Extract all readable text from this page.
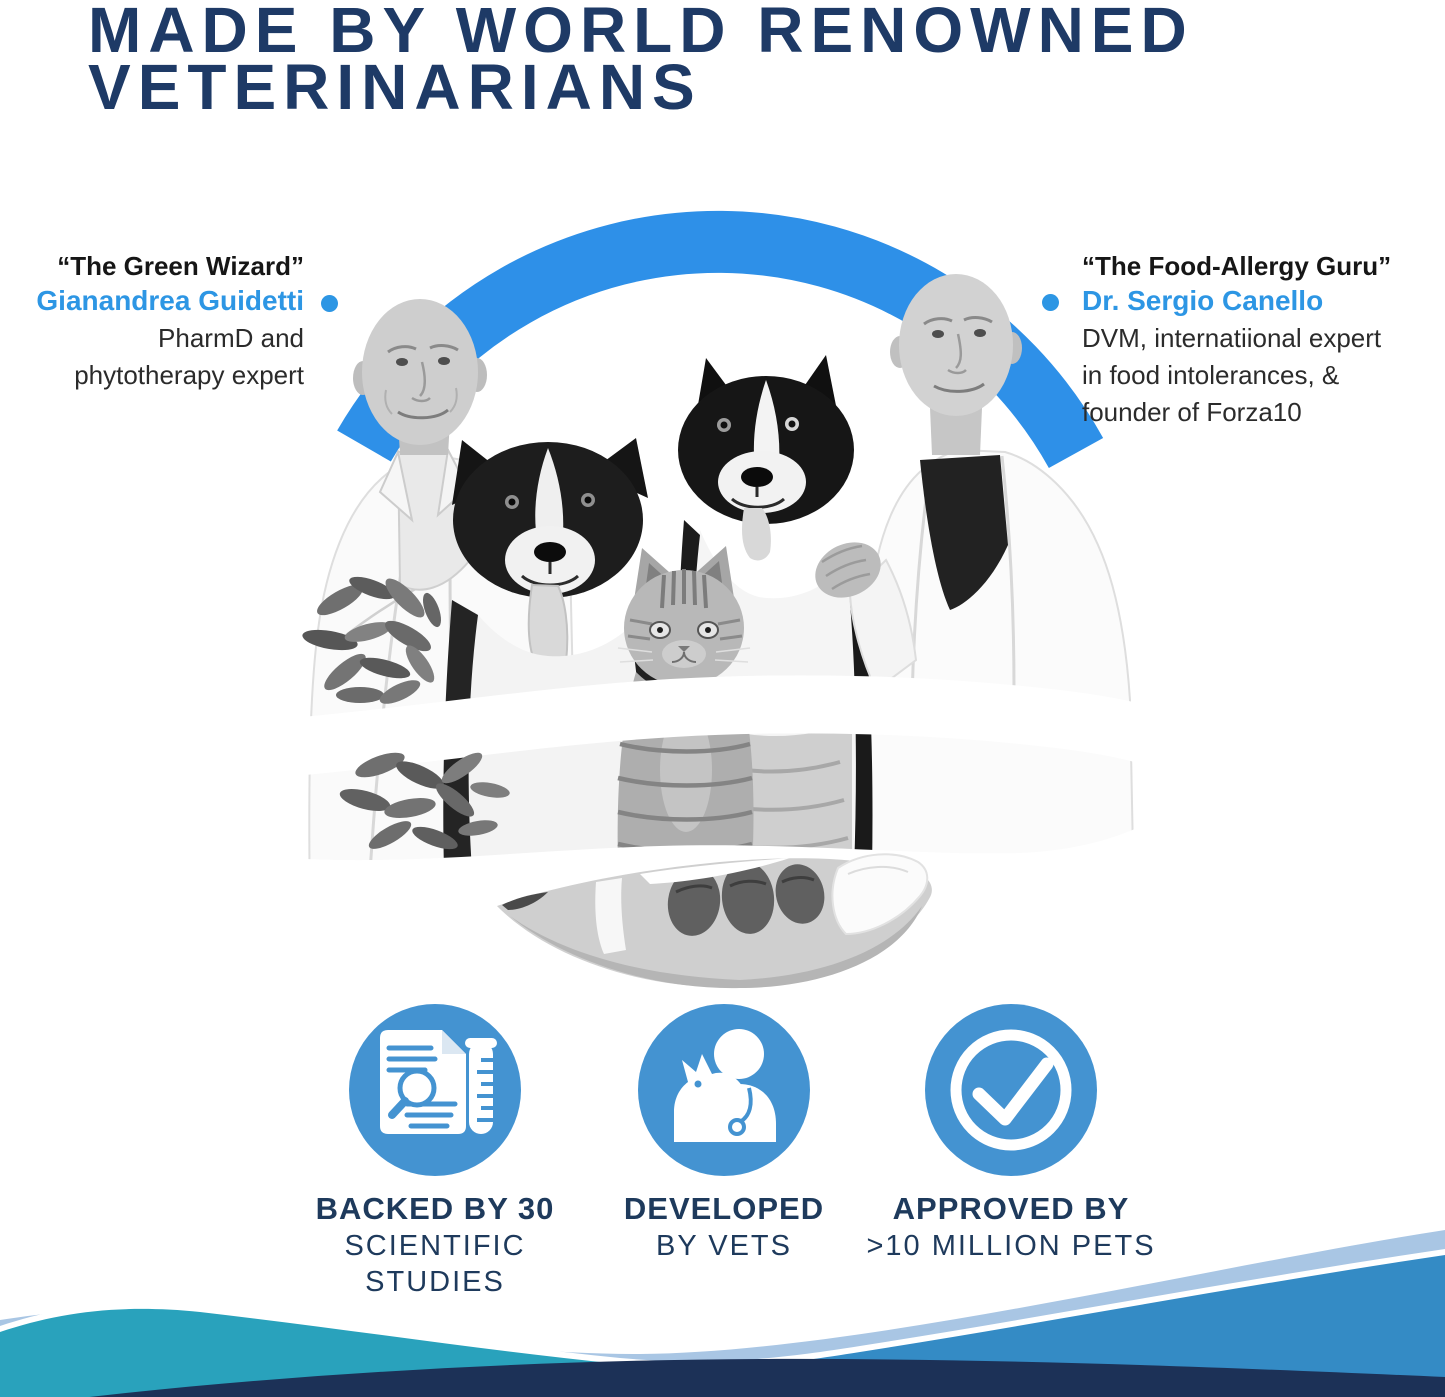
MADE BY WORLD RENOWNED
VETERINARIANS
“The Green Wizard”
Gianandrea Guidetti
PharmD and
phytotherapy expert
“The Food-Allergy Guru”
Dr. Sergio Canello
DVM, internatiional expert
in food intolerances, &
founder of Forza10
BACKED BY 30
SCIENTIFIC STUDIES
DEVELOPED
BY VETS
APPROVED BY
>10 MILLION PETS
